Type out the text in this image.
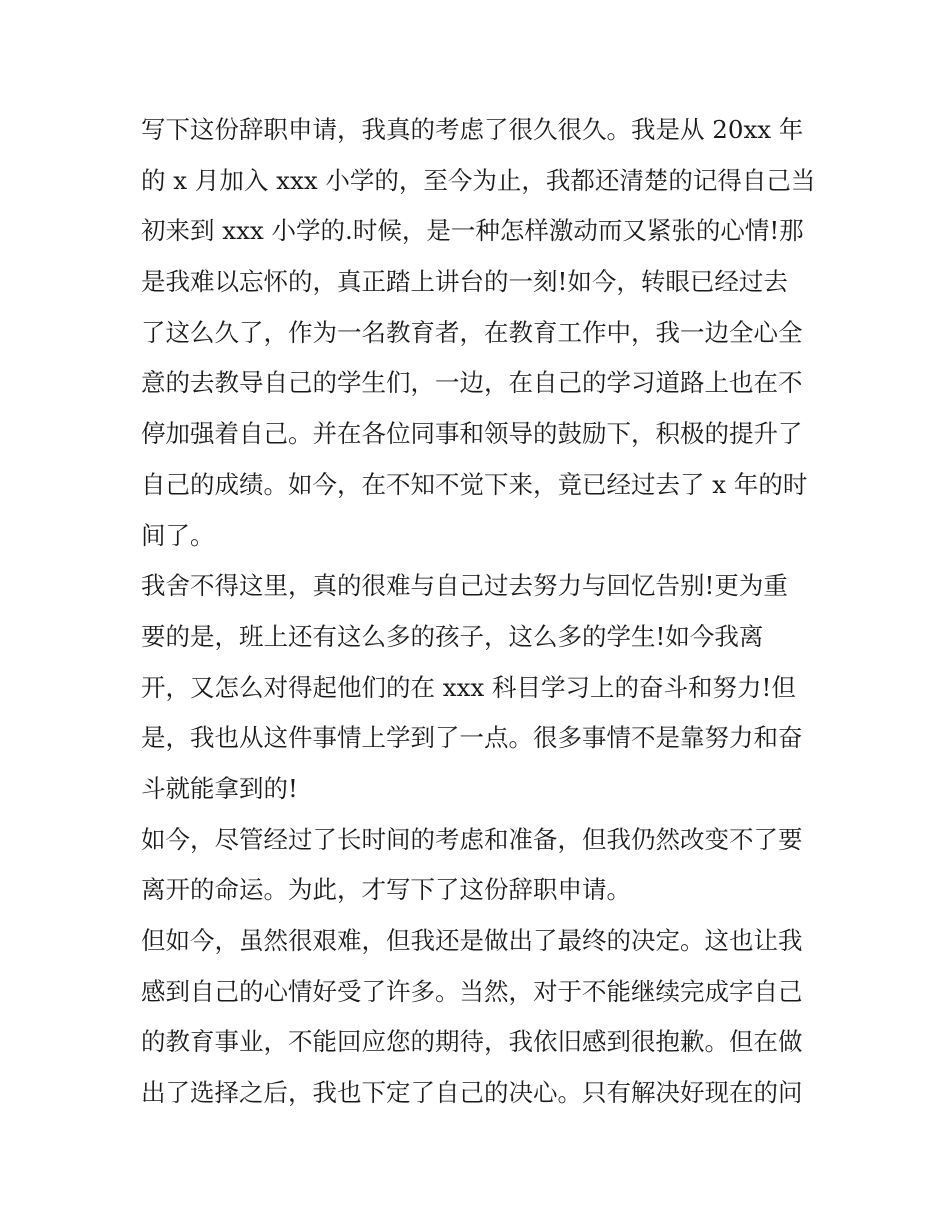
写下这份辞职申请，我真的考虑了很久很久。我是从 20xx 年
的 x 月加入 xxx 小学的，至今为止，我都还清楚的记得自己当
初来到 xxx 小学的.时候，是一种怎样激动而又紧张的心情!那
是我难以忘怀的，真正踏上讲台的一刻!如今，转眼已经过去
了这么久了，作为一名教育者，在教育工作中，我一边全心全
意的去教导自己的学生们，一边，在自己的学习道路上也在不
停加强着自己。并在各位同事和领导的鼓励下，积极的提升了
自己的成绩。如今，在不知不觉下来，竟已经过去了 x 年的时
间了。
我舍不得这里，真的很难与自己过去努力与回忆告别!更为重
要的是，班上还有这么多的孩子，这么多的学生!如今我离
开，又怎么对得起他们的在 xxx 科目学习上的奋斗和努力!但
是，我也从这件事情上学到了一点。很多事情不是靠努力和奋
斗就能拿到的!
如今，尽管经过了长时间的考虑和准备，但我仍然改变不了要
离开的命运。为此，才写下了这份辞职申请。
但如今，虽然很艰难，但我还是做出了最终的决定。这也让我
感到自己的心情好受了许多。当然，对于不能继续完成字自己
的教育事业，不能回应您的期待，我依旧感到很抱歉。但在做
出了选择之后，我也下定了自己的决心。只有解决好现在的问
